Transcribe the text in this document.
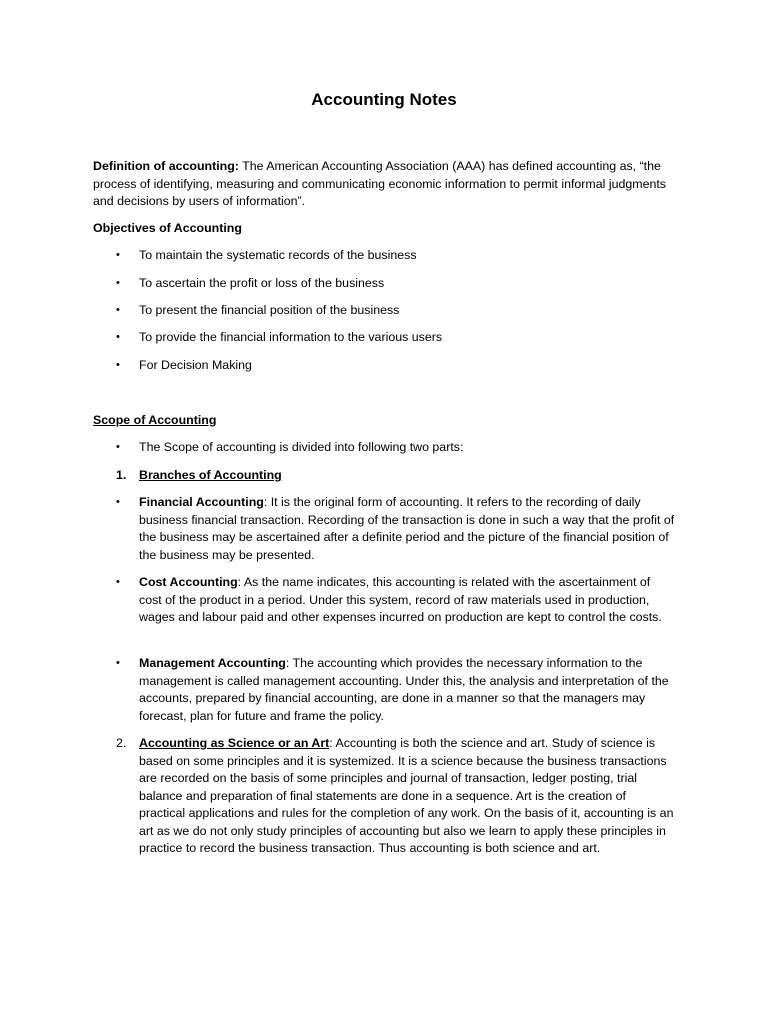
Accounting Notes

Definition of accounting: The American Accounting Association (AAA) has defined accounting as, “the process of identifying, measuring and communicating economic information to permit informal judgments and decisions by users of information”.

Objectives of Accounting
•	To maintain the systematic records of the business
•	To ascertain the profit or loss of the business
•	To present the financial position of the business
•	To provide the financial information to the various users
•	For Decision Making
Scope of Accounting
•	The Scope of accounting is divided into following two parts:
1.	Branches of Accounting
•	Financial Accounting: It is the original form of accounting. It refers to the recording of daily business financial transaction. Recording of the transaction is done in such a way that the profit of the business may be ascertained after a definite period and the picture of the financial position of the business may be presented.
•	Cost Accounting: As the name indicates, this accounting is related with the ascertainment of cost of the product in a period. Under this system, record of raw materials used in production, wages and labour paid and other expenses incurred on production are kept to control the costs.
•	Management Accounting: The accounting which provides the necessary information to the management is called management accounting. Under this, the analysis and interpretation of the accounts, prepared by financial accounting, are done in a manner so that the managers may forecast, plan for future and frame the policy.
2.	Accounting as Science or an Art: Accounting is both the science and art. Study of science is based on some principles and it is systemized. It is a science because the business transactions are recorded on the basis of some principles and journal of transaction, ledger posting, trial balance and preparation of final statements are done in a sequence. Art is the creation of practical applications and rules for the completion of any work. On the basis of it, accounting is an art as we do not only study principles of accounting but also we learn to apply these principles in practice to record the business transaction. Thus accounting is both science and art.
